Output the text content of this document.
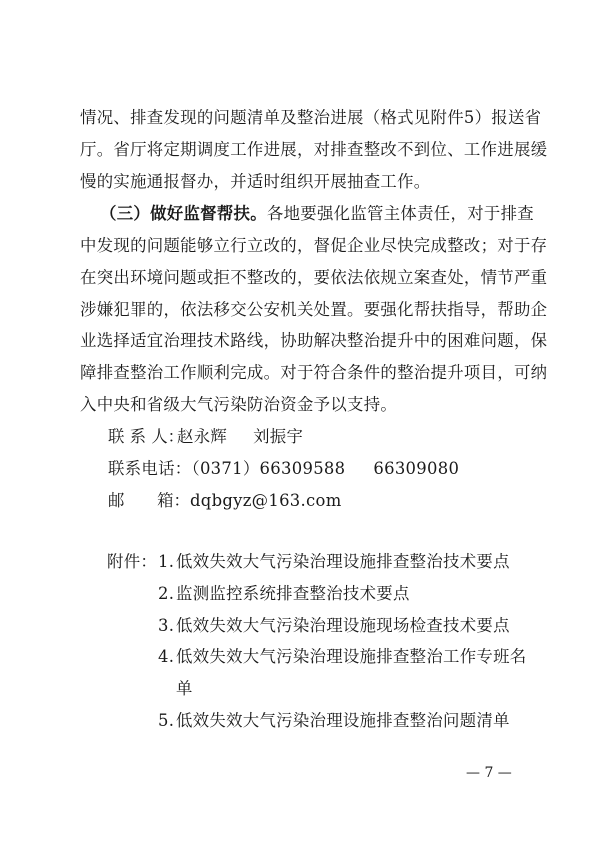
情况、排查发现的问题清单及整治进展（格式见附件5）报送省
厅。省厅将定期调度工作进展，对排查整改不到位、工作进展缓
慢的实施通报督办，并适时组织开展抽查工作。
（三）做好监督帮扶。各地要强化监管主体责任，对于排查
中发现的问题能够立行立改的，督促企业尽快完成整改；对于存
在突出环境问题或拒不整改的，要依法依规立案查处，情节严重
涉嫌犯罪的，依法移交公安机关处置。要强化帮扶指导，帮助企
业选择适宜治理技术路线，协助解决整治提升中的困难问题，保
障排查整治工作顺利完成。对于符合条件的整治提升项目，可纳
入中央和省级大气污染防治资金予以支持。
联 系 人：赵永辉 刘振宇
联系电话：（0371）66309588 66309080
邮　　箱：dqbgyz@163.com
附件： 1. 低效失效大气污染治理设施排查整治技术要点
2. 监测监控系统排查整治技术要点
3. 低效失效大气污染治理设施现场检查技术要点
4. 低效失效大气污染治理设施排查整治工作专班名
单
5. 低效失效大气污染治理设施排查整治问题清单
— 7 —
